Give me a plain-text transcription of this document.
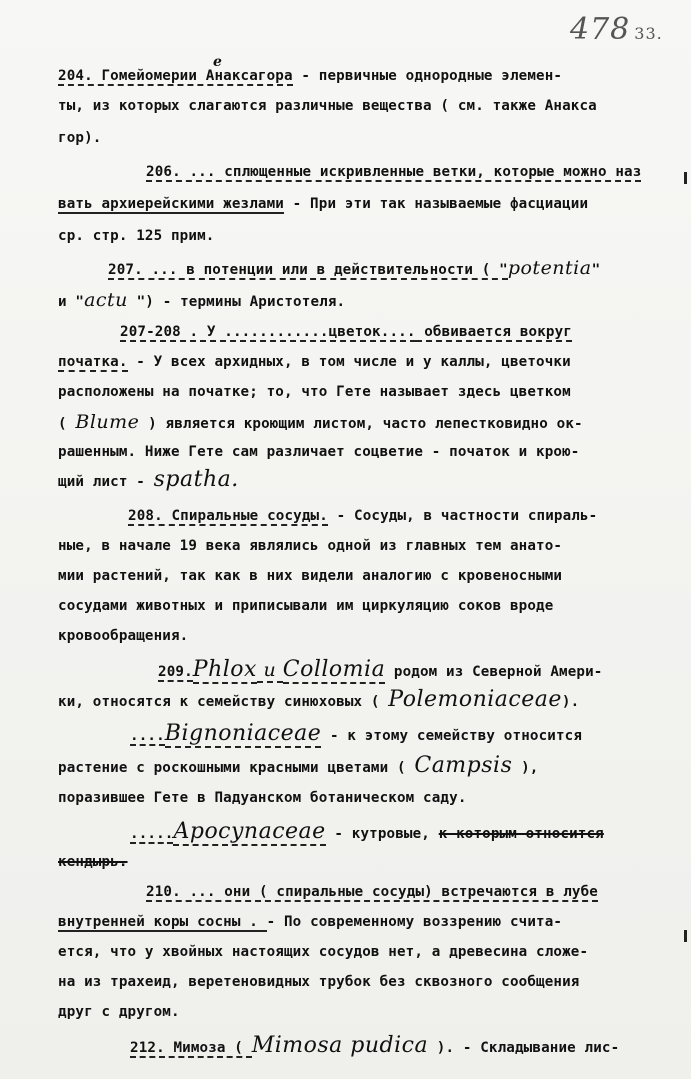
478 33.
е
204. Гомейомерии Анаксагора - первичные однородные элемен-
ты, из которых слагаются различные вещества ( см. также Анакса
гор).
206. ... сплющенные искривленные ветки, которые можно наз
вать архиерейскими жезлами - При эти так называемые фасциации
ср. стр. 125 прим.
207. ... в потенции или в действительности ( "potentia"
и "actu ") - термины Аристотеля.
207-208 . У ............цветок.... обвивается вокруг
початка. - У всех архидных, в том числе и у каллы, цветочки
расположены на початке; то, что Гете называет здесь цветком
( Blume ) является кроющим листом, часто лепестковидно ок-
рашенным. Ниже Гете сам различает соцветие - початок и крою-
щий лист - spatha.
208. Спиральные сосуды. - Сосуды, в частности спираль-
ные, в начале 19 века являлись одной из главных тем анато-
мии растений, так как в них видели аналогию с кровеносными
сосудами животных и приписывали им циркуляцию соков вроде
кровообращения.
209.Phlox и Collomia родом из Северной Амери-
ки, относятся к семейству синюховых ( Polemoniaceae).
....Bignoniaceae - к этому семейству относится
растение с роскошными красными цветами ( Campsis ),
поразившее Гете в Падуанском ботаническом саду.
.....Apocynaceae - кутровые, к которым относится
кендырь.
210. ... они ( спиральные сосуды) встречаются в лубе
внутренней коры сосны . - По современному воззрению счита-
ется, что у хвойных настоящих сосудов нет, а древесина сложе-
на из трахеид, веретеновидных трубок без сквозного сообщения
друг с другом.
212. Мимоза ( Mimosa pudica ). - Складывание лис-
